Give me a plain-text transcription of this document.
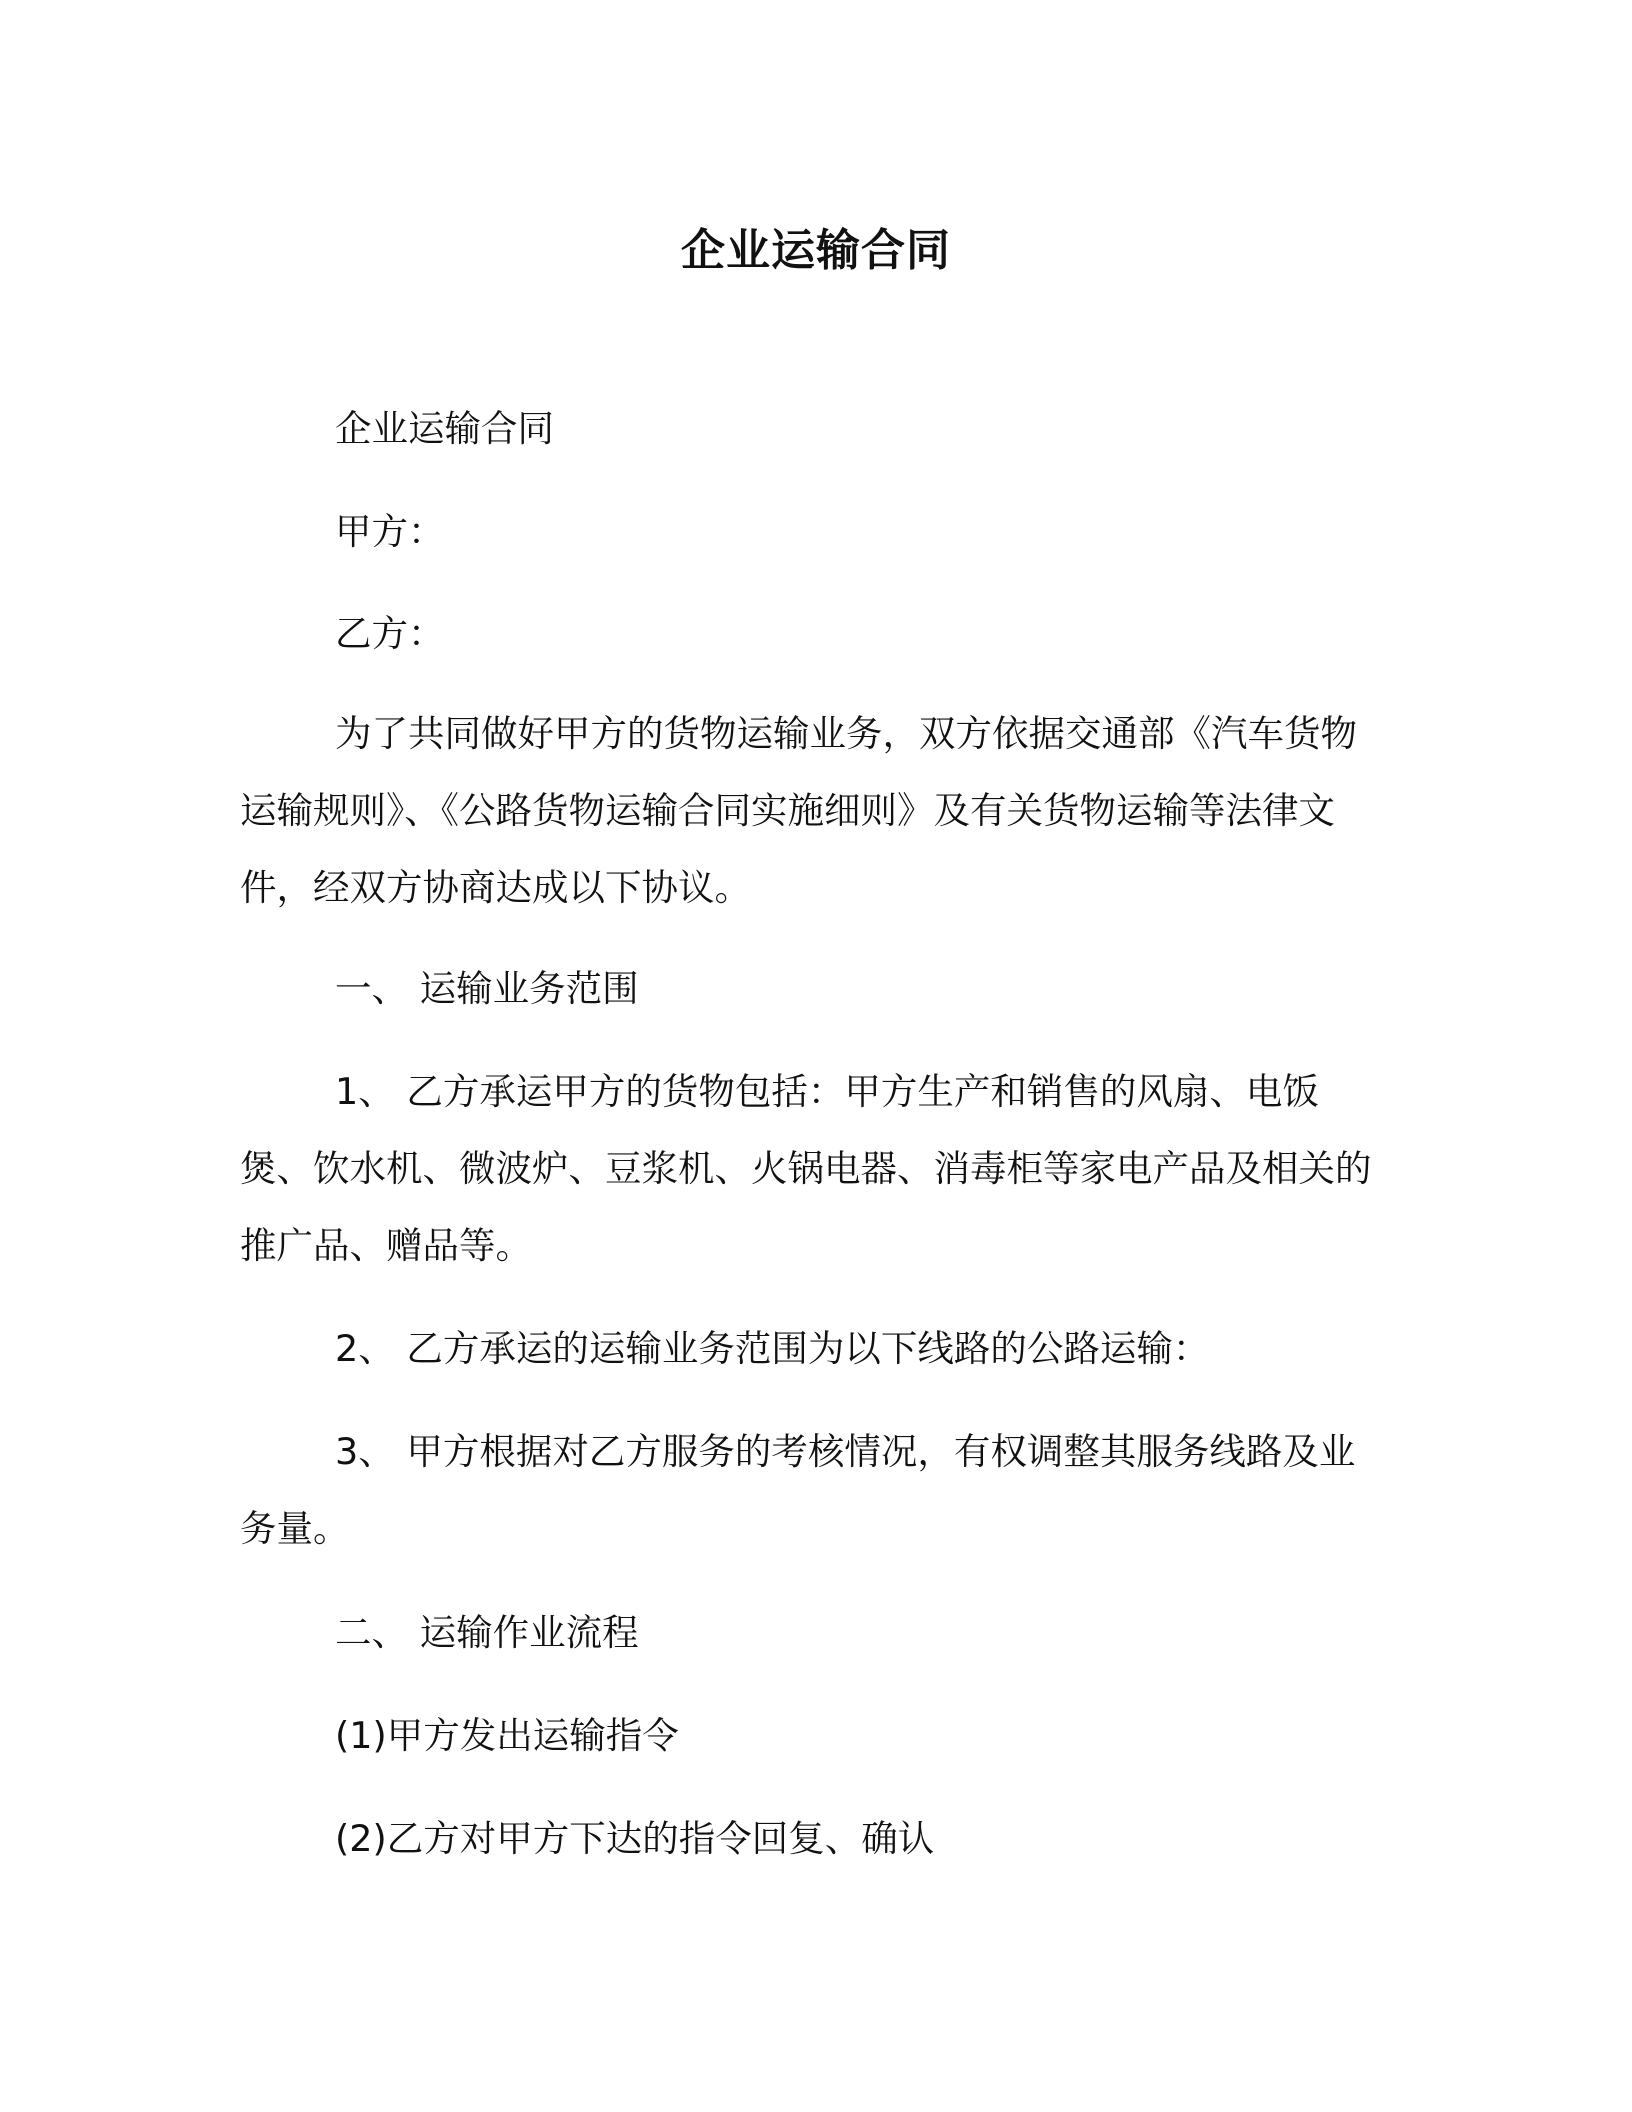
企业运输合同

企业运输合同

甲方：

乙方：

为了共同做好甲方的货物运输业务，双方依据交通部《汽车货物运输规则》、《公路货物运输合同实施细则》及有关货物运输等法律文件，经双方协商达成以下协议。

一、 运输业务范围

1、 乙方承运甲方的货物包括：甲方生产和销售的风扇、电饭煲、饮水机、微波炉、豆浆机、火锅电器、消毒柜等家电产品及相关的推广品、赠品等。

2、 乙方承运的运输业务范围为以下线路的公路运输：

3、 甲方根据对乙方服务的考核情况，有权调整其服务线路及业务量。

二、 运输作业流程

(1)甲方发出运输指令

(2)乙方对甲方下达的指令回复、确认
